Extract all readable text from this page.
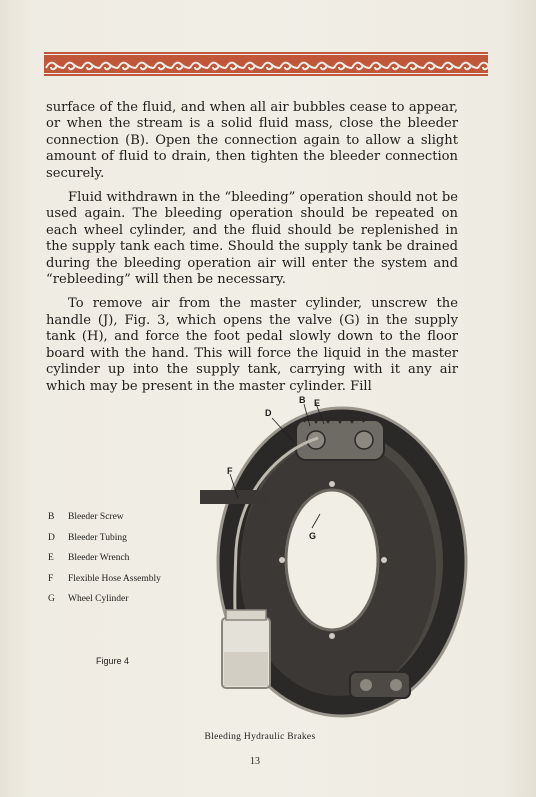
surface of the fluid, and when all air bubbles cease to appear, or when the stream is a solid fluid mass, close the bleeder connection (B). Open the connection again to allow a slight amount of fluid to drain, then tighten the bleeder connection securely.

Fluid withdrawn in the “bleeding” operation should not be used again. The bleeding operation should be repeated on each wheel cylinder, and the fluid should be replenished in the supply tank each time. Should the supply tank be drained during the bleeding operation air will enter the system and “rebleeding” will then be necessary.

To remove air from the master cylinder, unscrew the handle (J), Fig. 3, which opens the valve (G) in the supply tank (H), and force the foot pedal slowly down to the floor board with the hand. This will force the liquid in the master cylinder up into the supply tank, carrying with it any air which may be present in the master cylinder. Fill

B	Bleeder Screw
D	Bleeder Tubing
E	Bleeder Wrench
F	Flexible Hose Assembly
G	Wheel Cylinder
Figure 4
D
B E
F
G
Bleeding Hydraulic Brakes
13
